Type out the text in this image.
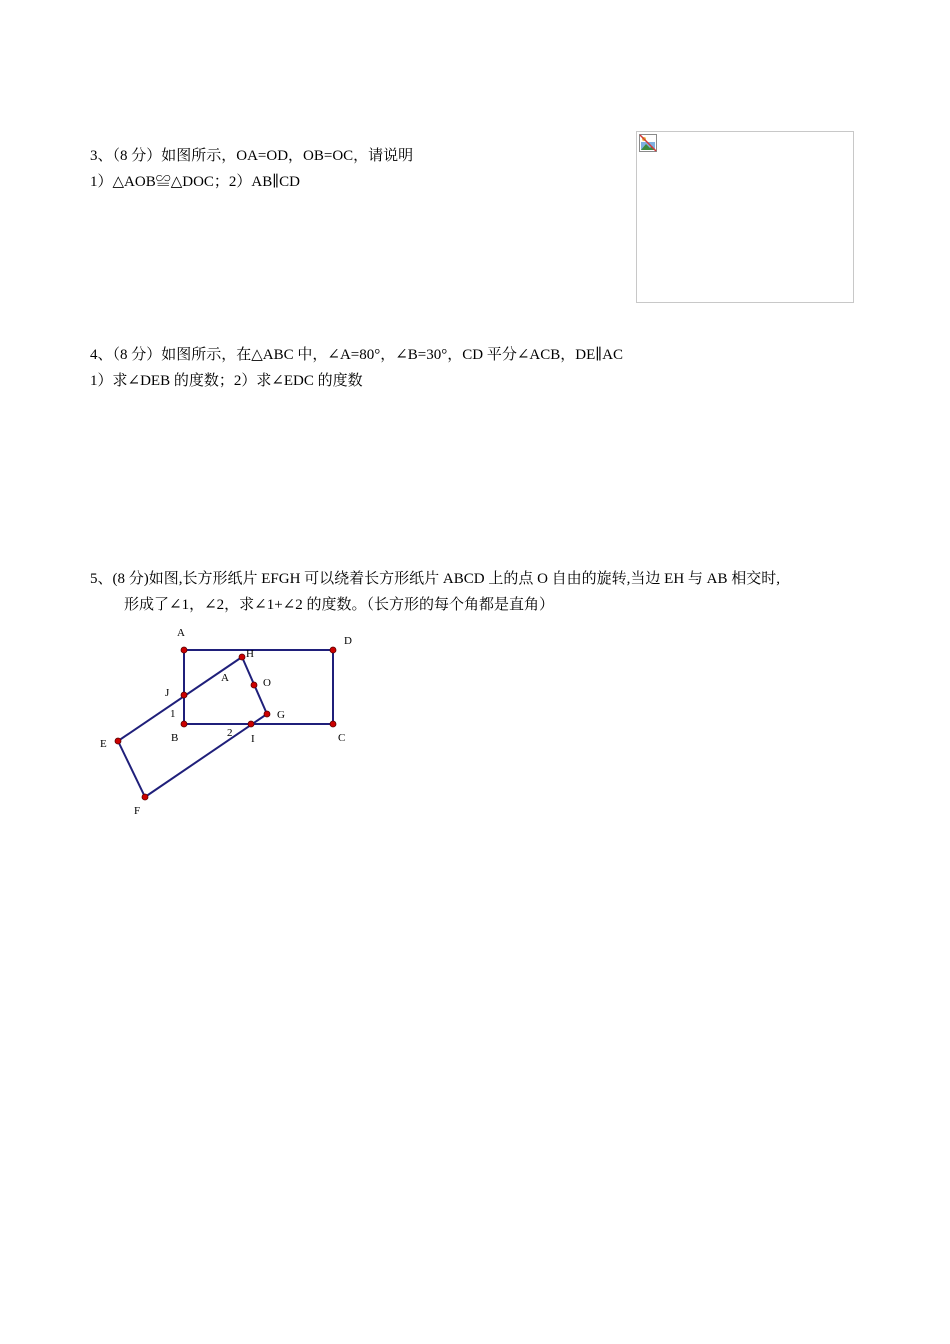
3、（8 分）如图所示，OA=OD，OB=OC，请说明
1）△AOB≌△DOC；2）AB∥CD
4、（8 分）如图所示，在△ABC 中，∠A=80°，∠B=30°，CD 平分∠ACB，DE∥AC
1）求∠DEB 的度数；2）求∠EDC 的度数
5、(8 分)如图,长方形纸片 EFGH 可以绕着长方形纸片 ABCD 上的点 O 自由的旋转,当边 EH 与 AB 相交时,
形成了∠1，∠2，求∠1+∠2 的度数。（长方形的每个角都是直角）
A
D
H
A	O
J
1	G
B	2 I	C
E
F
